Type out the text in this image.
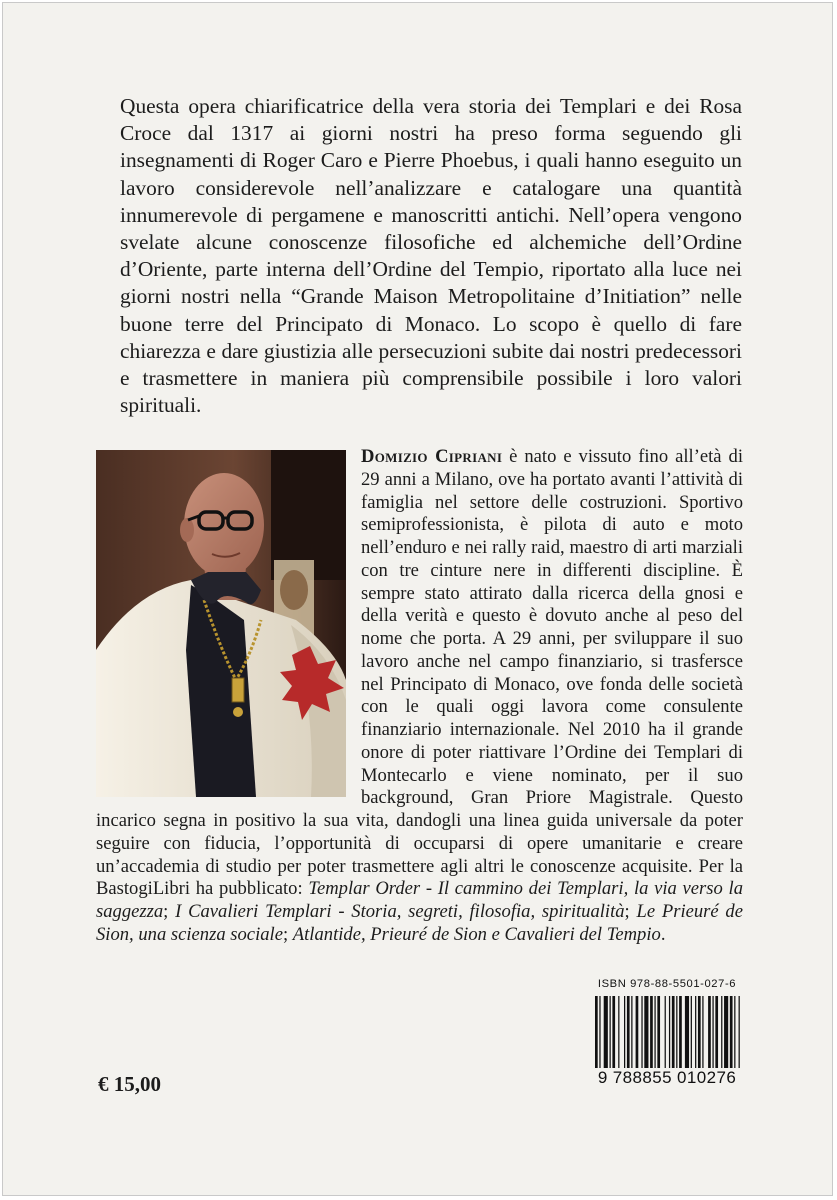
Questa opera chiarificatrice della vera storia dei Templari e dei Rosa Croce dal 1317 ai giorni nostri ha preso forma seguendo gli insegnamenti di Roger Caro e Pierre Phoebus, i quali hanno eseguito un lavoro considerevole nell’analizzare e catalogare una quantità innumerevole di pergamene e manoscritti antichi. Nell’opera vengono svelate alcune conoscenze filosofiche ed alchemiche dell’Ordine d’Oriente, parte interna dell’Ordine del Tempio, riportato alla luce nei giorni nostri nella “Grande Maison Metropolitaine d’Initiation” nelle buone terre del Principato di Monaco. Lo scopo è quello di fare chiarezza e dare giustizia alle persecuzioni subite dai nostri predecessori e trasmettere in maniera più comprensibile possibile i loro valori spirituali.

Domizio Cipriani è nato e vissuto fino all’età di 29 anni a Milano, ove ha portato avanti l’attività di famiglia nel settore delle costruzioni. Sportivo semiprofessionista, è pilota di auto e moto nell’enduro e nei rally raid, maestro di arti marziali con tre cinture nere in differenti discipline. È sempre stato attirato dalla ricerca della gnosi e della verità e questo è dovuto anche al peso del nome che porta. A 29 anni, per sviluppare il suo lavoro anche nel campo finanziario, si trasfersce nel Principato di Monaco, ove fonda delle società con le quali oggi lavora come consulente finanziario internazionale. Nel 2010 ha il grande onore di poter riattivare l’Ordine dei Templari di Montecarlo e viene nominato, per il suo background, Gran Priore Magistrale. Questo incarico segna in positivo la sua vita, dandogli una linea guida universale da poter seguire con fiducia, l’opportunità di occuparsi di opere umanitarie e creare un’accademia di studio per poter trasmettere agli altri le conoscenze acquisite. Per la BastogiLibri ha pubblicato: Templar Order - Il cammino dei Templari, la via verso la saggezza; I Cavalieri Templari - Storia, segreti, filosofia, spiritualità; Le Prieuré de Sion, una scienza sociale; Atlantide, Prieuré de Sion e Cavalieri del Tempio.

ISBN 978-88-5501-027-6
9 788855 010276
€ 15,00
